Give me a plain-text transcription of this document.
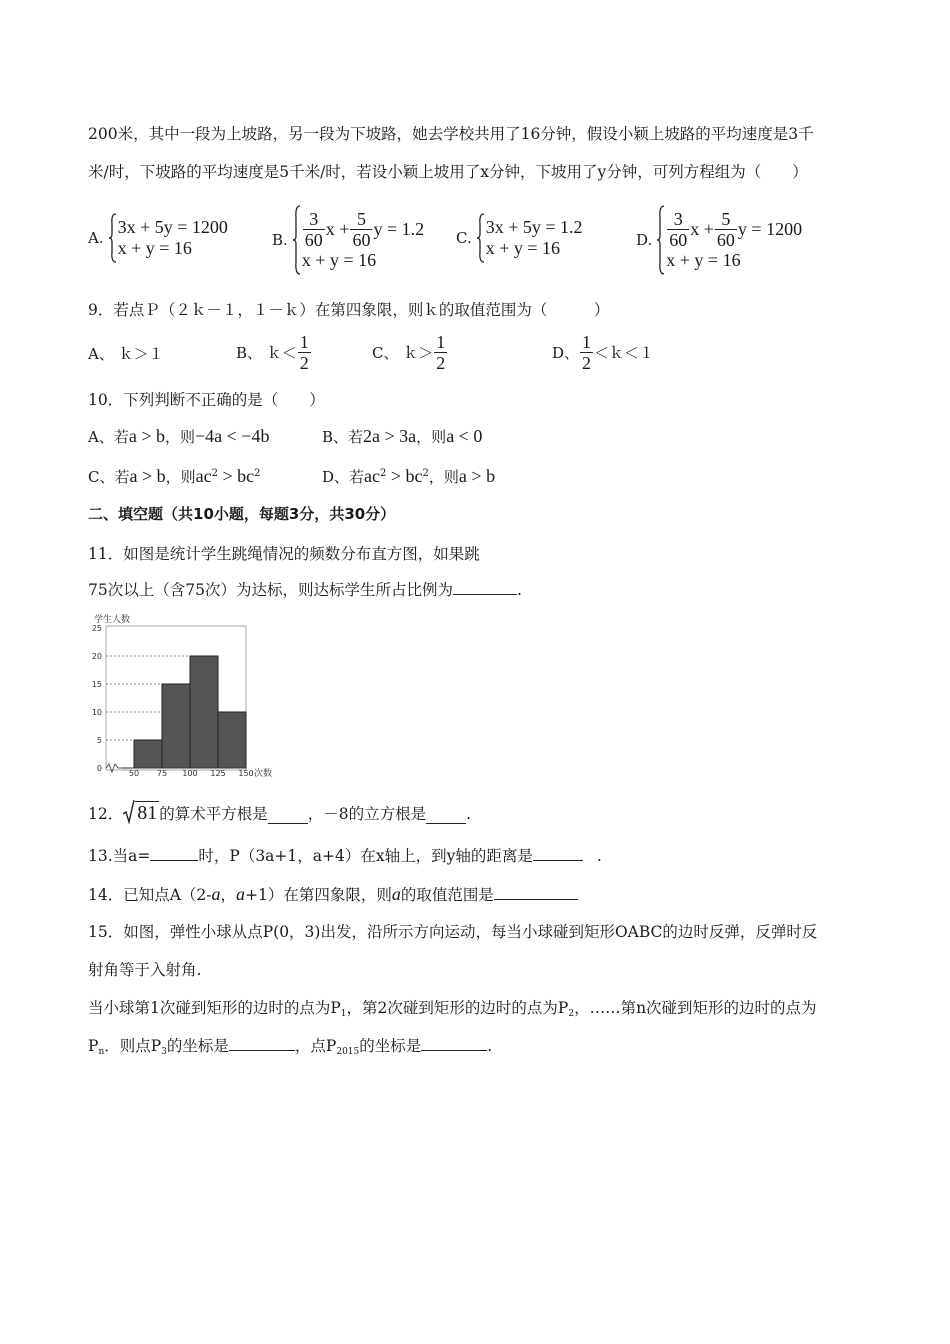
200米，其中一段为上坡路，另一段为下坡路，她去学校共用了16分钟，假设小颖上坡路的平均速度是3千
米/时，下坡路的平均速度是5千米/时，若设小颖上坡用了x分钟，下坡用了y分钟，可列方程组为（　　）
A.
3x + 5y = 1200
x + y = 16	B. $\frac{3}{60}$ $x + \frac{5}{60}$ y = 1.2
x + y = 16
C.
3x + 5y = 1.2
x + y = 16	D. $\frac{3}{60}$ $x + \frac{5}{60}$ y = 1200
x + y = 16
9．若点Ｐ（２ｋ－１，１－ｋ）在第四象限，则ｋ的取值范围为（　　　）
A、 ｋ＞１	B、 ｋ＜ $\frac{1}{2}$	C、 ｋ＞ $\frac{1}{2}$	D、 $\frac{1}{2}$ ＜ｋ＜１
10．下列判断不正确的是（　　）
A、若a > b，则−4a < −4b	B、若2a > 3a，则a < 0
C、若a > b，则$ac^2 > bc^2$	D、若$ac^2 > bc^2$，则a > b
二、填空题（共10小题，每题3分，共30分）
11．如图是统计学生跳绳情况的频数分布直方图，如果跳
75次以上（含75次）为达标，则达标学生所占比例为	.
学生人数
次数
0
5
10
15
20
25
50 75 100 125 150
12． 81 的算术平方根是	，－8的立方根是	.
13.当a=	时，P（3a+1，a+4）在x轴上，到y轴的距离是	.
14．已知点A（2-a，a+1）在第四象限，则a的取值范围是
15．如图，弹性小球从点P(0，3)出发，沿所示方向运动，每当小球碰到矩形OABC的边时反弹，反弹时反
射角等于入射角.
当小球第1次碰到矩形的边时的点为$P_1$，第2次碰到矩形的边时的点为$P_2$，……第n次碰到矩形的边时的点为
$P_n$．则点$P_3$的坐标是	，点$P_{2015}$的坐标是	.
